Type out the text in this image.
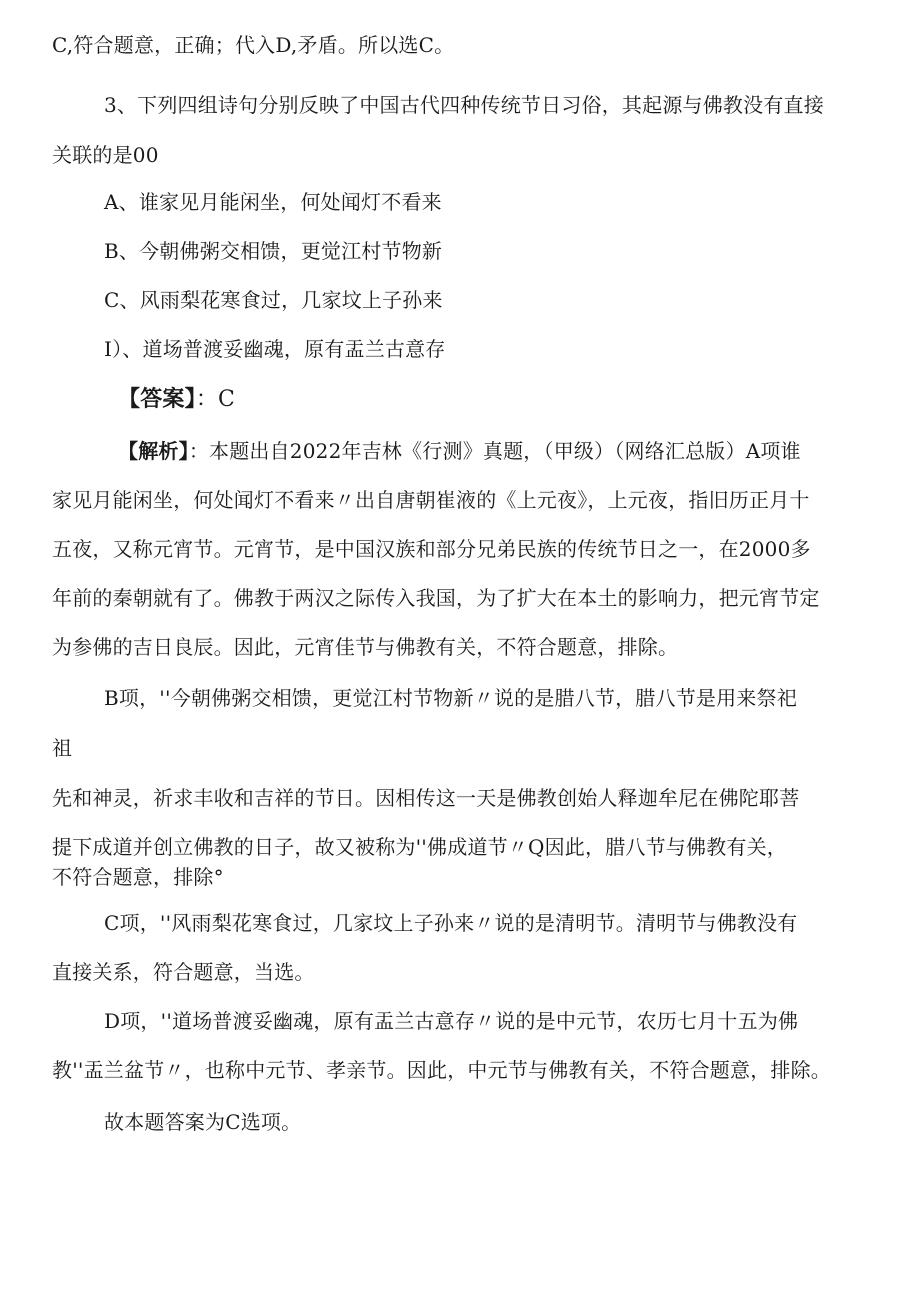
C,符合题意，正确；代入D,矛盾。所以选C。
3、下列四组诗句分别反映了中国古代四种传统节日习俗，其起源与佛教没有直接
关联的是00
A、谁家见月能闲坐，何处闻灯不看来
B、今朝佛粥交相馈，更觉江村节物新
C、风雨梨花寒食过，几家坟上子孙来
I）、道场普渡妥幽魂，原有盂兰古意存
【答案】：C
【解析】：本题出自2022年吉林《行测》真题，（甲级）（网络汇总版）A项谁
家见月能闲坐，何处闻灯不看来〃出自唐朝崔液的《上元夜》，上元夜，指旧历正月十
五夜，又称元宵节。元宵节，是中国汉族和部分兄弟民族的传统节日之一，在2000多
年前的秦朝就有了。佛教于两汉之际传入我国，为了扩大在本土的影响力，把元宵节定
为参佛的吉日良辰。因此，元宵佳节与佛教有关，不符合题意，排除。
B项，''今朝佛粥交相馈，更觉江村节物新〃说的是腊八节，腊八节是用来祭祀
祖
先和神灵，祈求丰收和吉祥的节日。因相传这一天是佛教创始人释迦牟尼在佛陀耶菩
提下成道并创立佛教的日子，故又被称为''佛成道节〃Q因此，腊八节与佛教有关，
不符合题意，排除°
C项，''风雨梨花寒食过，几家坟上子孙来〃说的是清明节。清明节与佛教没有
直接关系，符合题意，当选。
D项，''道场普渡妥幽魂，原有盂兰古意存〃说的是中元节，农历七月十五为佛
教''盂兰盆节〃，也称中元节、孝亲节。因此，中元节与佛教有关，不符合题意，排除。
故本题答案为C选项。
